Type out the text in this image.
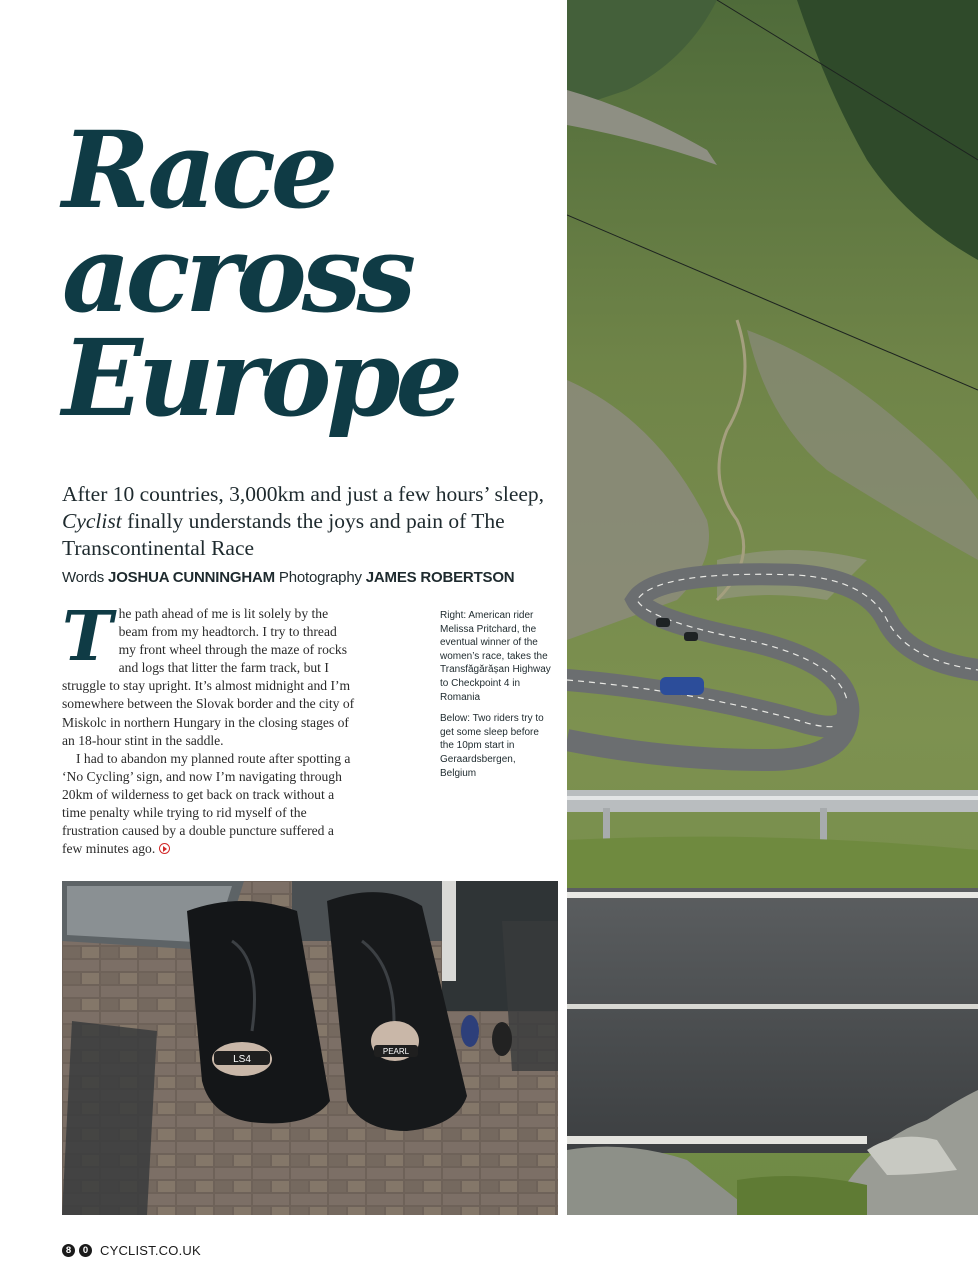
Race
across
Europe

After 10 countries, 3,000km and just a few hours’ sleep, Cyclist finally understands the joys and pain of The Transcontinental Race

Words JOSHUA CUNNINGHAM Photography JAMES ROBERTSON

The path ahead of me is lit solely by the beam from my headtorch. I try to thread my front wheel through the maze of rocks and logs that litter the farm track, but I struggle to stay upright. It’s almost midnight and I’m somewhere between the Slovak border and the city of Miskolc in northern Hungary in the closing stages of an 18-hour stint in the saddle.

I had to abandon my planned route after spotting a ‘No Cycling’ sign, and now I’m navigating through 20km of wilderness to get back on track without a time penalty while trying to rid myself of the frustration caused by a double puncture suffered a few minutes ago.

Right: American rider Melissa Pritchard, the eventual winner of the women’s race, takes the Transfăgărășan Highway to Checkpoint 4 in Romania

Below: Two riders try to get some sleep before the 10pm start in Geraardsbergen, Belgium

LS4
PEARL
8	0 CYCLIST.CO.UK
